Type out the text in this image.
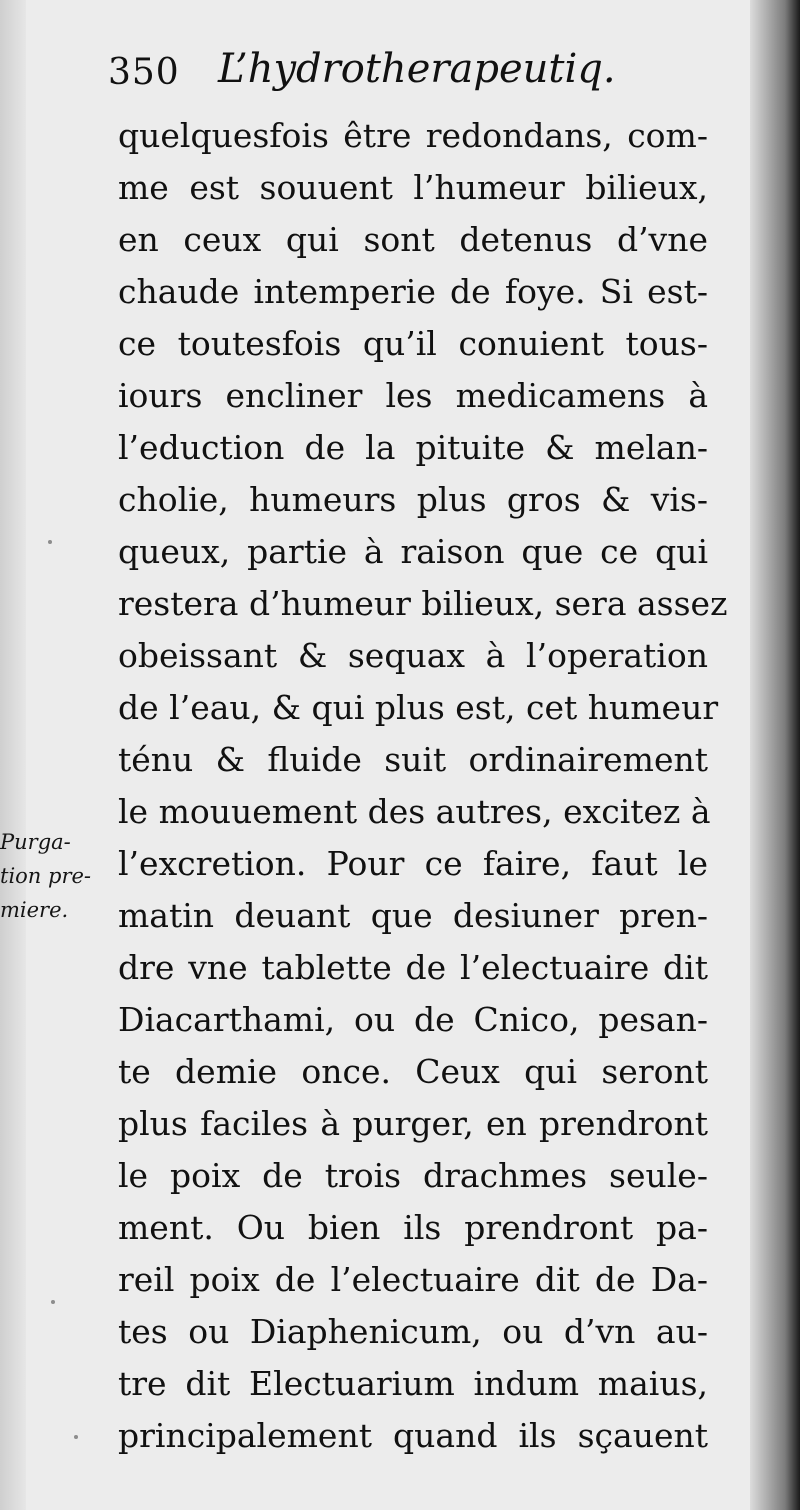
350 L’hydrotherapeutiq.
Purga-
tion pre-
miere.
quelquesfois être redondans, com-
me est souuent l’humeur bilieux,
en ceux qui sont detenus d’vne
chaude intemperie de foye. Si est-
ce toutesfois qu’il conuient tous-
iours encliner les medicamens à
l’eduction de la pituite & melan-
cholie, humeurs plus gros & vis-
queux, partie à raison que ce qui
restera d’humeur bilieux, sera assez
obeissant & sequax à l’operation
de l’eau, & qui plus est, cet humeur
ténu & fluide suit ordinairement
le mouuement des autres, excitez à
l’excretion. Pour ce faire, faut le
matin deuant que desiuner pren-
dre vne tablette de l’electuaire dit
Diacarthami, ou de Cnico, pesan-
te demie once. Ceux qui seront
plus faciles à purger, en prendront
le poix de trois drachmes seule-
ment. Ou bien ils prendront pa-
reil poix de l’electuaire dit de Da-
tes ou Diaphenicum, ou d’vn au-
tre dit Electuarium indum maius,
principalement quand ils sçauent
